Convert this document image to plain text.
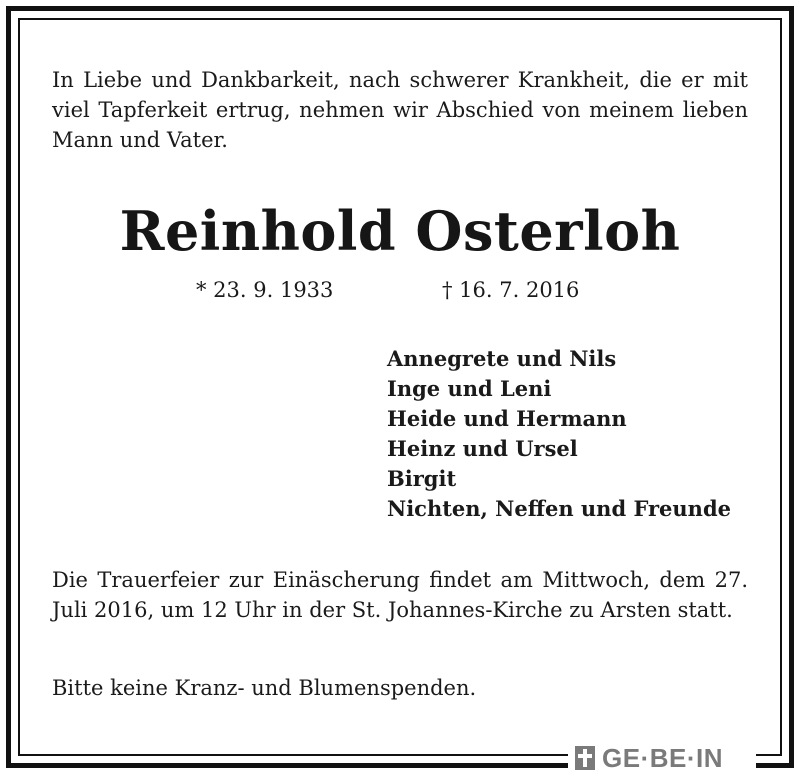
In Liebe und Dankbarkeit, nach schwerer Krankheit, die er mit viel Tapferkeit ertrug, nehmen wir Abschied von meinem lieben Mann und Vater.

Reinhold Osterloh
* 23. 9. 1933	† 16. 7. 2016
Annegrete und Nils
Inge und Leni
Heide und Hermann
Heinz und Ursel
Birgit
Nichten, Neffen und Freunde

Die Trauerfeier zur Einäscherung findet am Mittwoch, dem 27. Juli 2016, um 12 Uhr in der St. Johannes-Kirche zu Arsten statt.

Bitte keine Kranz- und Blumenspenden.

GE·BE·IN
